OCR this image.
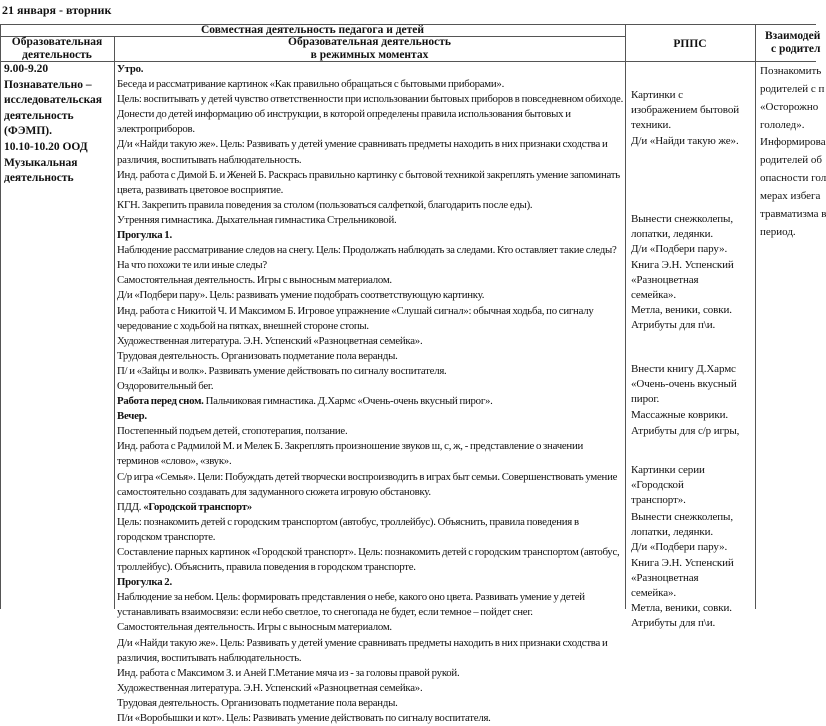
21 января - вторник
Совместная деятельность педагога и детей
Образовательная деятельность
Образовательная деятельность
в режимных моментах
РППС
Взаимодей
с родител
9.00-9.20
Познавательно –
исследовательская
деятельность
(ФЭМП).
10.10-10.20 ООД
Музыкальная
деятельность

Утро.

Беседа и рассматривание картинок «Как правильно обращаться с бытовыми приборами».

Цель: воспитывать у детей чувство ответственности при использовании бытовых приборов в повседневном обиходе. Донести до детей информацию об инструкции, в которой определены правила использования бытовых и электроприборов.

Д/и «Найди такую же». Цель: Развивать у детей умение сравнивать предметы находить в них признаки сходства и различия, воспитывать наблюдательность.

Инд. работа с Димой Б. и Женей Б. Раскрась правильно картинку с бытовой техникой закреплять умение запоминать цвета, развивать цветовое восприятие.

КГН. Закрепить правила поведения за столом (пользоваться салфеткой, благодарить после еды).

Утренняя гимнастика. Дыхательная гимнастика Стрельниковой.

Прогулка 1.

Наблюдение рассматривание следов на снегу. Цель: Продолжать наблюдать за следами. Кто оставляет такие следы? На что похожи те или иные следы?

Самостоятельная деятельность. Игры с выносным материалом.

Д/и «Подбери пару». Цель: развивать умение подобрать соответствующую картинку.

Инд. работа с Никитой Ч. И Максимом Б. Игровое упражнение «Слушай сигнал»: обычная ходьба, по сигналу чередование с ходьбой на пятках, внешней стороне стопы.

Художественная литература. Э.Н. Успенский «Разноцветная семейка».

Трудовая деятельность. Организовать подметание пола веранды.

П/ и «Зайцы и волк». Развивать умение действовать по сигналу воспитателя.

Оздоровительный бег.

Работа перед сном. Пальчиковая гимнастика. Д.Хармс «Очень-очень вкусный пирог».

Вечер.

Постепенный подъем детей, стопотерапия, ползание.

Инд. работа с Радмилой М. и Мелек Б. Закреплять произношение звуков ш, с, ж, - представление о значении терминов «слово», «звук».

С/р игра «Семья». Цели: Побуждать детей творчески воспроизводить в играх быт семьи. Совершенствовать умение самостоятельно создавать для задуманного сюжета игровую обстановку.

ПДД. «Городской транспорт»

Цель: познакомить детей с городским транспортом (автобус, троллейбус). Объяснить, правила поведения в городском транспорте.

Составление парных картинок «Городской транспорт». Цель: познакомить детей с городским транспортом (автобус, троллейбус). Объяснить, правила поведения в городском транспорте.

Прогулка 2.

Наблюдение за небом. Цель: формировать представления о небе, какого оно цвета. Развивать умение у детей устанавливать взаимосвязи: если небо светлое, то снегопада не будет, если темное – пойдет снег.

Самостоятельная деятельность. Игры с выносным материалом.

Д/и «Найди такую же». Цель: Развивать у детей умение сравнивать предметы находить в них признаки сходства и различия, воспитывать наблюдательность.

Инд. работа с Максимом З. и Аней Г.Метание мяча из - за головы правой рукой.

Художественная литература. Э.Н. Успенский «Разноцветная семейка».

Трудовая деятельность. Организовать подметание пола веранды.

П/и «Воробышки и кот». Цель: Развивать умение действовать по сигналу воспитателя.

Картинки с
изображением бытовой
техники.
Д/и «Найди такую же».
Вынести снежколепы,
лопатки, ледянки.
Д/и «Подбери пару».
Книга Э.Н. Успенский
«Разноцветная
семейка».
Метла, веники, совки.
Атрибуты для п\и.
Внести книгу Д.Хармс
«Очень-очень вкусный
пирог.
Массажные коврики.
Атрибуты для с/р игры,
Картинки серии
«Городской
транспорт».
Вынести снежколепы,
лопатки, ледянки.
Д/и «Подбери пару».
Книга Э.Н. Успенский
«Разноцветная
семейка».
Метла, веники, совки.
Атрибуты для п\и.
Познакомить
родителей с п
«Осторожно
гололед».
Информирова
родителей об
опасности гол
мерах избега
травматизма в
период.
